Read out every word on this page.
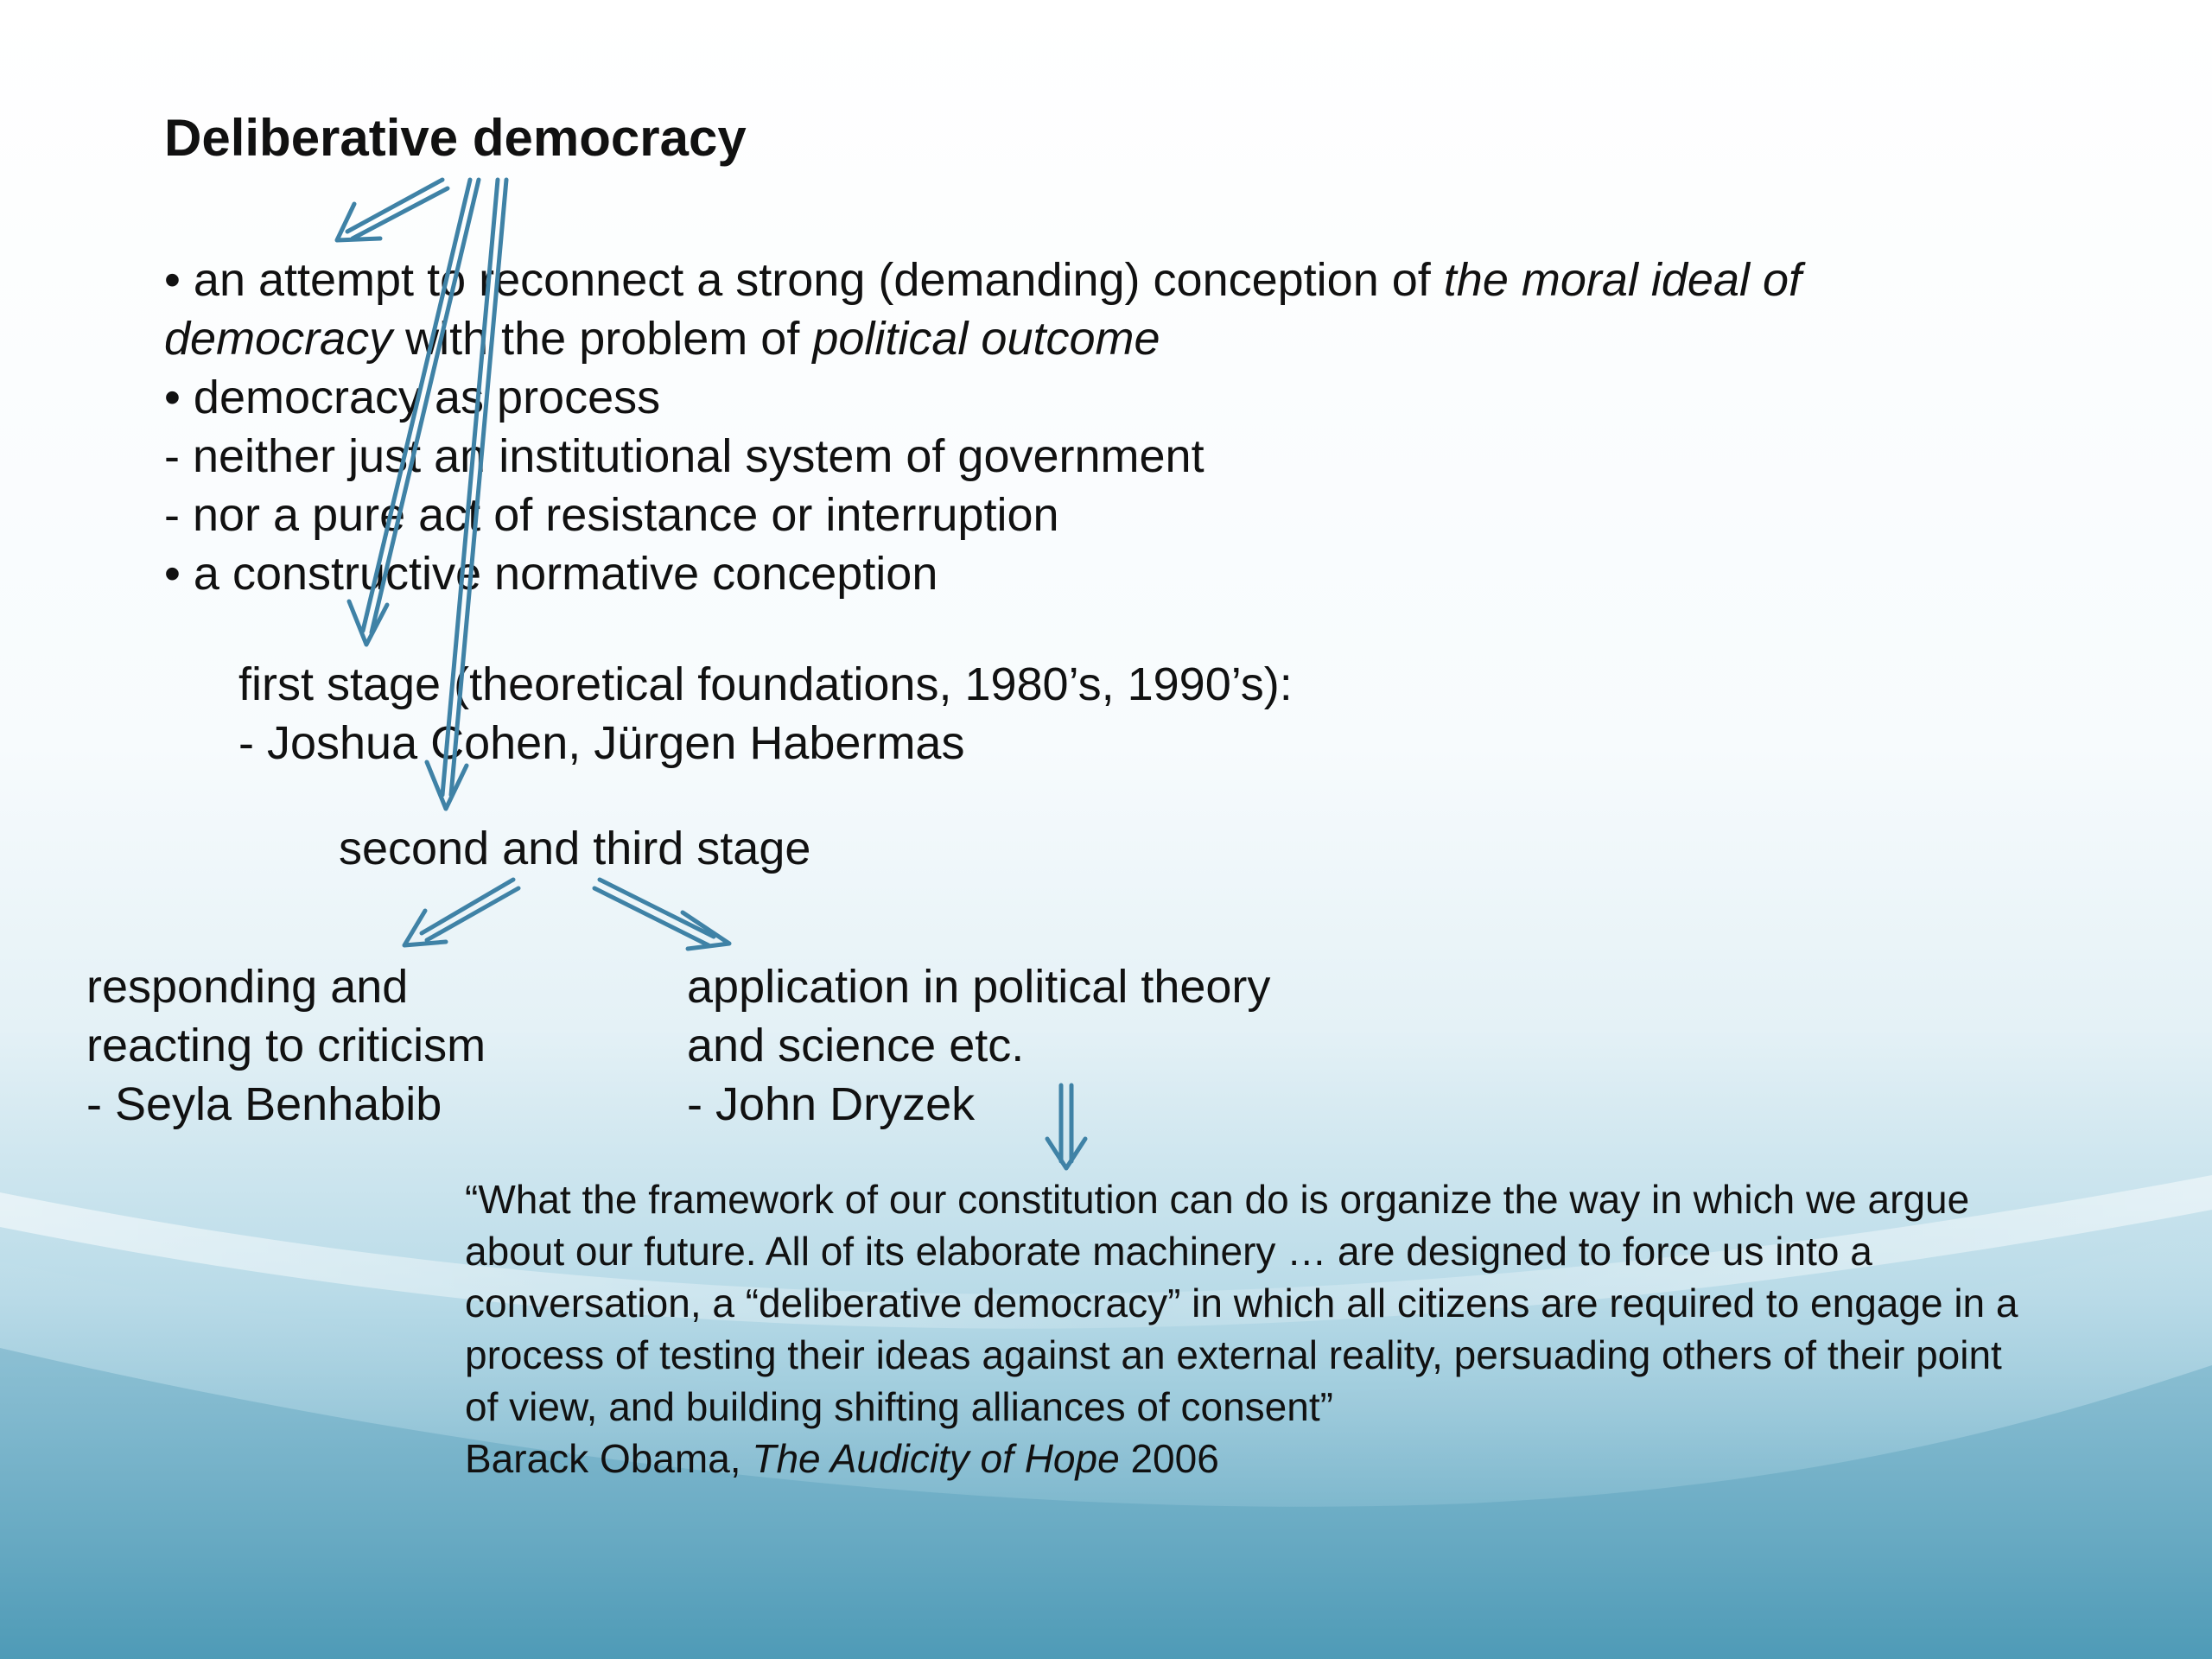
Deliberative democracy
• an attempt to reconnect a strong (demanding) conception of the moral ideal of
democracy with the problem of political outcome
• democracy as process
- neither just an institutional system of government
- nor a pure act of resistance or interruption
• a constructive normative conception
first stage (theoretical foundations, 1980’s, 1990’s):
- Joshua Cohen, Jürgen Habermas
second and third stage
responding and
reacting to criticism
- Seyla Benhabib
application in political theory
and science etc.
- John Dryzek
“What the framework of our constitution can do is organize the way in which we argue
about our future. All of its elaborate machinery … are designed to force us into a
conversation, a “deliberative democracy” in which all citizens are required to engage in a
process of testing their ideas against an external reality, persuading others of their point
of view, and building shifting alliances of consent”
Barack Obama, The Audicity of Hope 2006
